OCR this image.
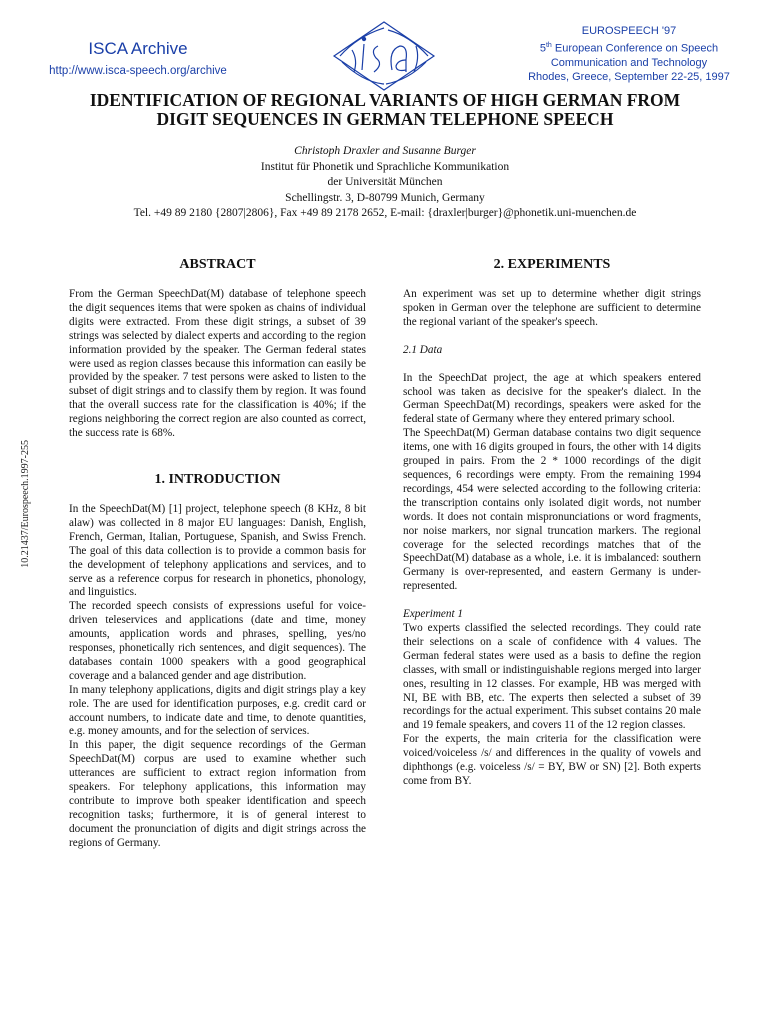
ISCA Archive
http://www.isca-speech.org/archive
EUROSPEECH '97
5th European Conference on Speech
Communication and Technology
Rhodes, Greece, September 22-25, 1997
IDENTIFICATION OF REGIONAL VARIANTS OF HIGH GERMAN FROM
DIGIT SEQUENCES IN GERMAN TELEPHONE SPEECH
Christoph Draxler and Susanne Burger
Institut für Phonetik und Sprachliche Kommunikation
der Universität München
Schellingstr. 3, D-80799 Munich, Germany
Tel. +49 89 2180 {2807|2806}, Fax +49 89 2178 2652, E-mail: {draxler|burger}@phonetik.uni-muenchen.de
10.21437/Eurospeech.1997-255
ABSTRACT

From the German SpeechDat(M) database of telephone speech the digit sequences items that were spoken as chains of individual digits were extracted. From these digit strings, a subset of 39 strings was selected by dialect experts and according to the region information provided by the speaker. The German federal states were used as region classes because this information can easily be provided by the speaker. 7 test persons were asked to listen to the subset of digit strings and to classify them by region. It was found that the overall success rate for the classification is 40%; if the regions neighboring the correct region are also counted as correct, the success rate is 68%.

1. INTRODUCTION

In the SpeechDat(M) [1] project, telephone speech (8 KHz, 8 bit alaw) was collected in 8 major EU languages: Danish, English, French, German, Italian, Portuguese, Spanish, and Swiss French. The goal of this data collection is to provide a common basis for the development of telephony applications and services, and to serve as a reference corpus for research in phonetics, phonology, and linguistics.

The recorded speech consists of expressions useful for voice-driven teleservices and applications (date and time, money amounts, application words and phrases, spelling, yes/no responses, phonetically rich sentences, and digit sequences). The databases contain 1000 speakers with a good geographical coverage and a balanced gender and age distribution.

In many telephony applications, digits and digit strings play a key role. The are used for identification purposes, e.g. credit card or account numbers, to indicate date and time, to denote quantities, e.g. money amounts, and for the selection of services.

In this paper, the digit sequence recordings of the German SpeechDat(M) corpus are used to examine whether such utterances are sufficient to extract region information from speakers. For telephony applications, this information may contribute to improve both speaker identification and speech recognition tasks; furthermore, it is of general interest to document the pronunciation of digits and digit strings across the regions of Germany.

2. EXPERIMENTS

An experiment was set up to determine whether digit strings spoken in German over the telephone are sufficient to determine the regional variant of the speaker's speech.

2.1 Data

In the SpeechDat project, the age at which speakers entered school was taken as decisive for the speaker's dialect. In the German SpeechDat(M) recordings, speakers were asked for the federal state of Germany where they entered primary school.

The SpeechDat(M) German database contains two digit sequence items, one with 16 digits grouped in fours, the other with 14 digits grouped in pairs. From the 2 * 1000 recordings of the digit sequences, 6 recordings were empty. From the remaining 1994 recordings, 454 were selected according to the following criteria: the transcription contains only isolated digit words, not number words. It does not contain mispronunciations or word fragments, nor noise markers, nor signal truncation markers. The regional coverage for the selected recordings matches that of the SpeechDat(M) database as a whole, i.e. it is imbalanced: southern Germany is over-represented, and eastern Germany is under-represented.

Experiment 1

Two experts classified the selected recordings. They could rate their selections on a scale of confidence with 4 values. The German federal states were used as a basis to define the region classes, with small or indistinguishable regions merged into larger ones, resulting in 12 classes. For example, HB was merged with NI, BE with BB, etc. The experts then selected a subset of 39 recordings for the actual experiment. This subset contains 20 male and 19 female speakers, and covers 11 of the 12 region classes.

For the experts, the main criteria for the classification were voiced/voiceless /s/ and differences in the quality of vowels and diphthongs (e.g. voiceless /s/ = BY, BW or SN) [2]. Both experts come from BY.
